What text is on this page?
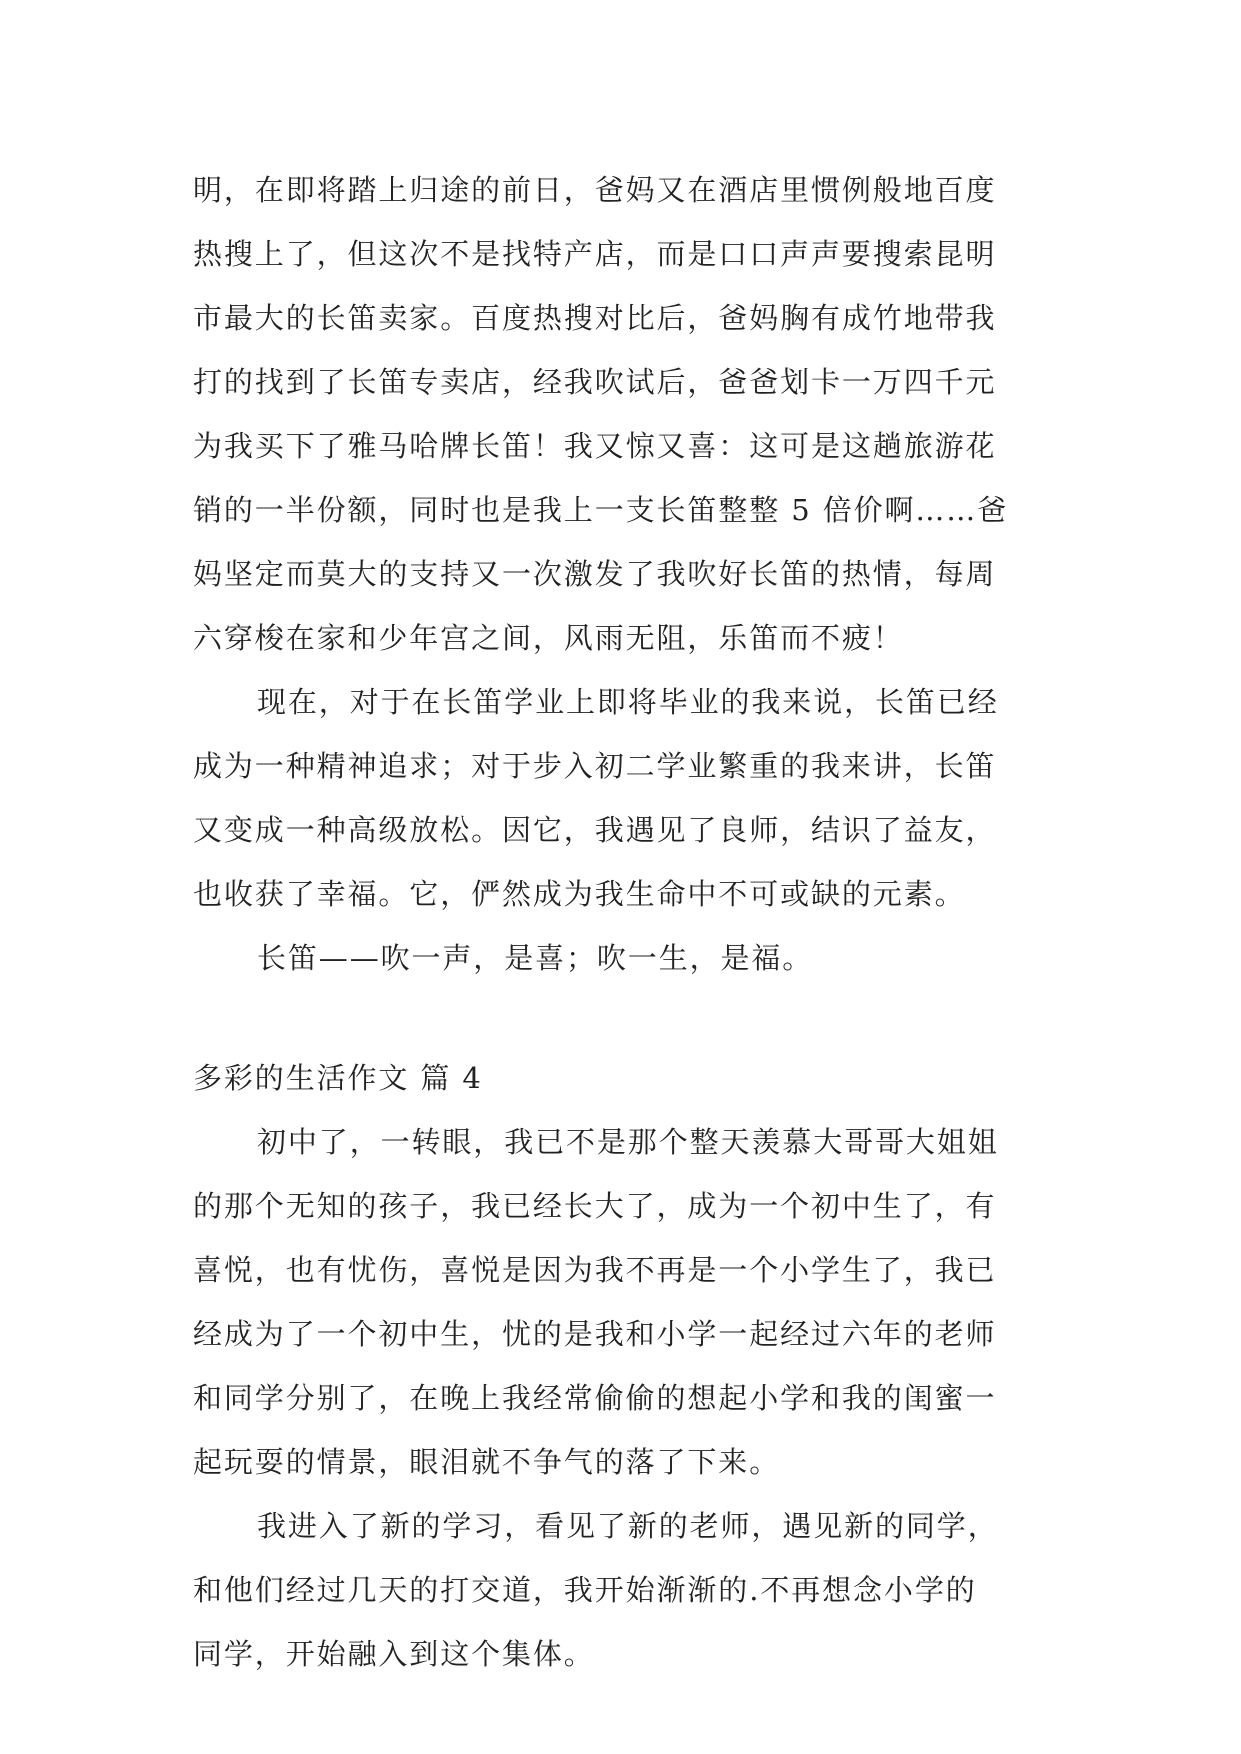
明，在即将踏上归途的前日，爸妈又在酒店里惯例般地百度
热搜上了，但这次不是找特产店，而是口口声声要搜索昆明
市最大的长笛卖家。百度热搜对比后，爸妈胸有成竹地带我
打的找到了长笛专卖店，经我吹试后，爸爸划卡一万四千元
为我买下了雅马哈牌长笛！我又惊又喜：这可是这趟旅游花
销的一半份额，同时也是我上一支长笛整整 5 倍价啊……爸
妈坚定而莫大的支持又一次激发了我吹好长笛的热情，每周
六穿梭在家和少年宫之间，风雨无阻，乐笛而不疲！
现在，对于在长笛学业上即将毕业的我来说，长笛已经
成为一种精神追求；对于步入初二学业繁重的我来讲，长笛
又变成一种高级放松。因它，我遇见了良师，结识了益友，
也收获了幸福。它，俨然成为我生命中不可或缺的元素。
长笛——吹一声，是喜；吹一生，是福。
多彩的生活作文 篇 4
初中了，一转眼，我已不是那个整天羡慕大哥哥大姐姐
的那个无知的孩子，我已经长大了，成为一个初中生了，有
喜悦，也有忧伤，喜悦是因为我不再是一个小学生了，我已
经成为了一个初中生，忧的是我和小学一起经过六年的老师
和同学分别了，在晚上我经常偷偷的想起小学和我的闺蜜一
起玩耍的情景，眼泪就不争气的落了下来。
我进入了新的学习，看见了新的老师，遇见新的同学，
和他们经过几天的打交道，我开始渐渐的.不再想念小学的
同学，开始融入到这个集体。
